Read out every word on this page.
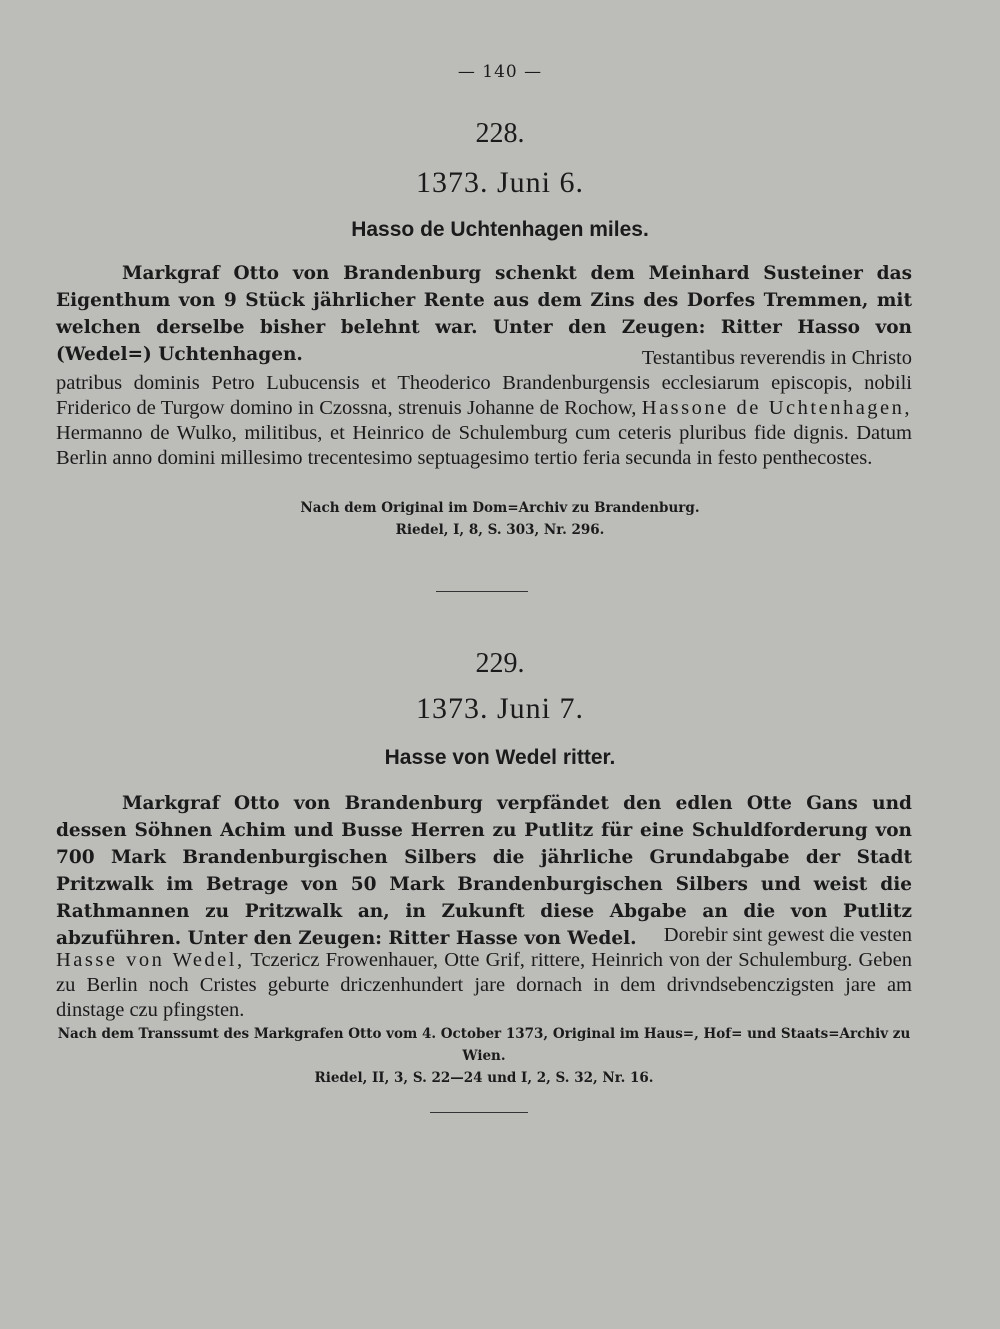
— 140 —
228.
1373. Juni 6.
Hasso de Uchtenhagen miles.

Markgraf Otto von Brandenburg schenkt dem Meinhard Susteiner das Eigenthum von 9 Stück jährlicher Rente aus dem Zins des Dorfes Tremmen, mit welchen derselbe bisher belehnt war. Unter den Zeugen: Ritter Hasso von (Wedel=) Uchtenhagen.	Testantibus reverendis in Christo

patribus dominis Petro Lubucensis et Theoderico Brandenburgensis ecclesiarum episcopis, nobili Friderico de Turgow domino in Czossna, strenuis Johanne de Rochow, Hassone de Uchtenhagen, Hermanno de Wulko, militibus, et Heinrico de Schulemburg cum ceteris pluribus fide dignis. Datum Berlin anno domini millesimo trecentesimo septuagesimo tertio feria secunda in festo penthecostes.

Nach dem Original im Dom=Archiv zu Brandenburg.
Riedel, I, 8, S. 303, Nr. 296.
229.
1373. Juni 7.
Hasse von Wedel ritter.

Markgraf Otto von Brandenburg verpfändet den edlen Otte Gans und dessen Söhnen Achim und Busse Herren zu Putlitz für eine Schuldforderung von 700 Mark Brandenburgischen Silbers die jährliche Grundabgabe der Stadt Pritzwalk im Betrage von 50 Mark Brandenburgischen Silbers und weist die Rathmannen zu Pritzwalk an, in Zukunft diese Abgabe an die von Putlitz abzuführen. Unter den Zeugen: Ritter Hasse von Wedel.	Dorebir sint gewest die vesten

Hasse von Wedel, Tczericz Frowenhauer, Otte Grif, rittere, Heinrich von der Schulemburg. Geben zu Berlin noch Cristes geburte driczenhundert jare dornach in dem drivndsebenczigsten jare am dinstage czu pfingsten.

Nach dem Transsumt des Markgrafen Otto vom 4. October 1373, Original im Haus=, Hof= und Staats=Archiv zu Wien.
Riedel, II, 3, S. 22—24 und I, 2, S. 32, Nr. 16.
